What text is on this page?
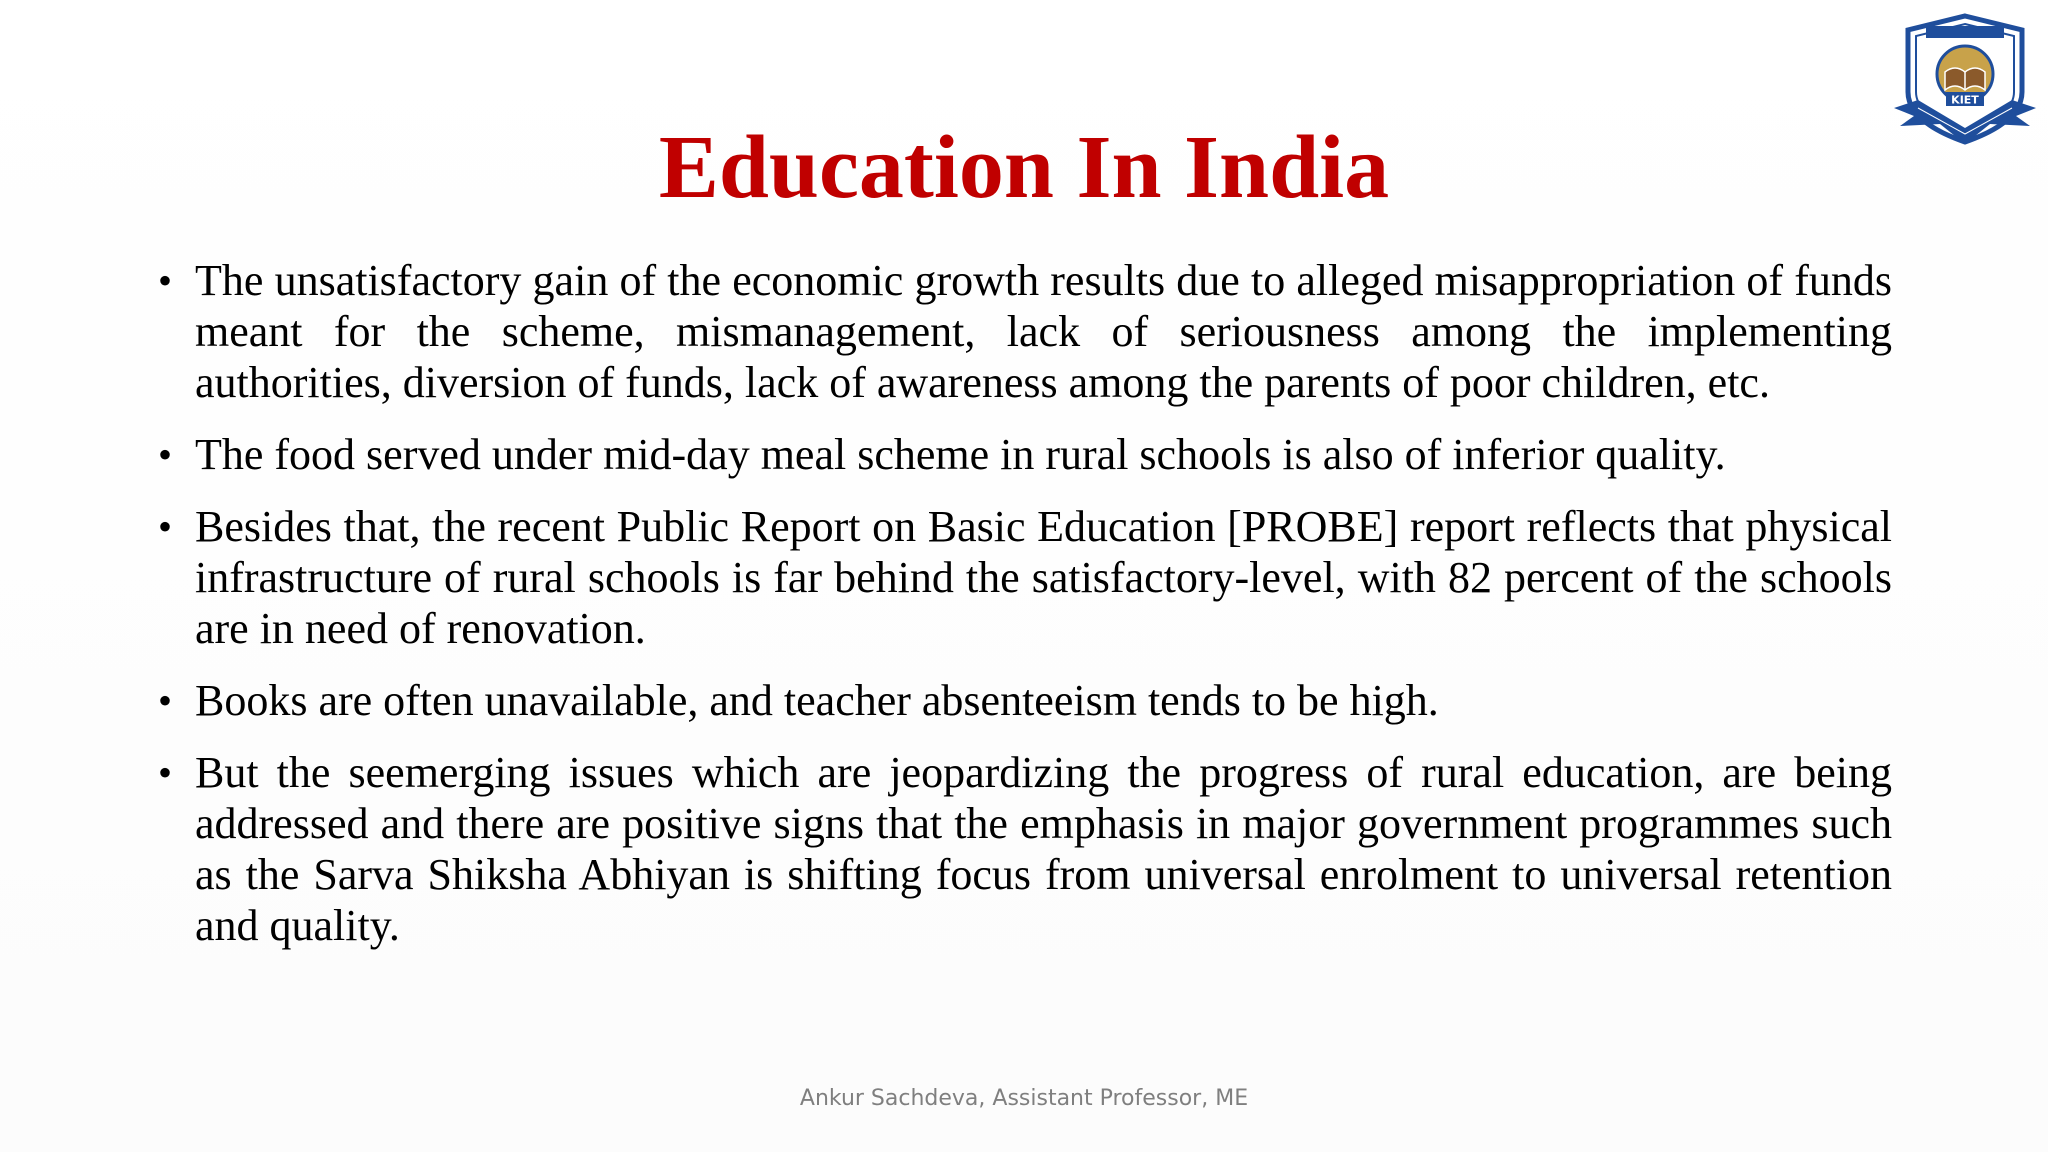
KIET
Education In India
• The unsatisfactory gain of the economic growth results due to alleged misappropriation of funds meant for the scheme, mismanagement, lack of seriousness among the implementing authorities, diversion of funds, lack of awareness among the parents of poor children, etc.
• The food served under mid-day meal scheme in rural schools is also of inferior quality.
• Besides that, the recent Public Report on Basic Education [PROBE] report reflects that physical infrastructure of rural schools is far behind the satisfactory-level, with 82 percent of the schools are in need of renovation.
• Books are often unavailable, and teacher absenteeism tends to be high.
• But the seemerging issues which are jeopardizing the progress of rural education, are being addressed and there are positive signs that the emphasis in major government programmes such as the Sarva Shiksha Abhiyan is shifting focus from universal enrolment to universal retention and quality.
Ankur Sachdeva, Assistant Professor, ME
